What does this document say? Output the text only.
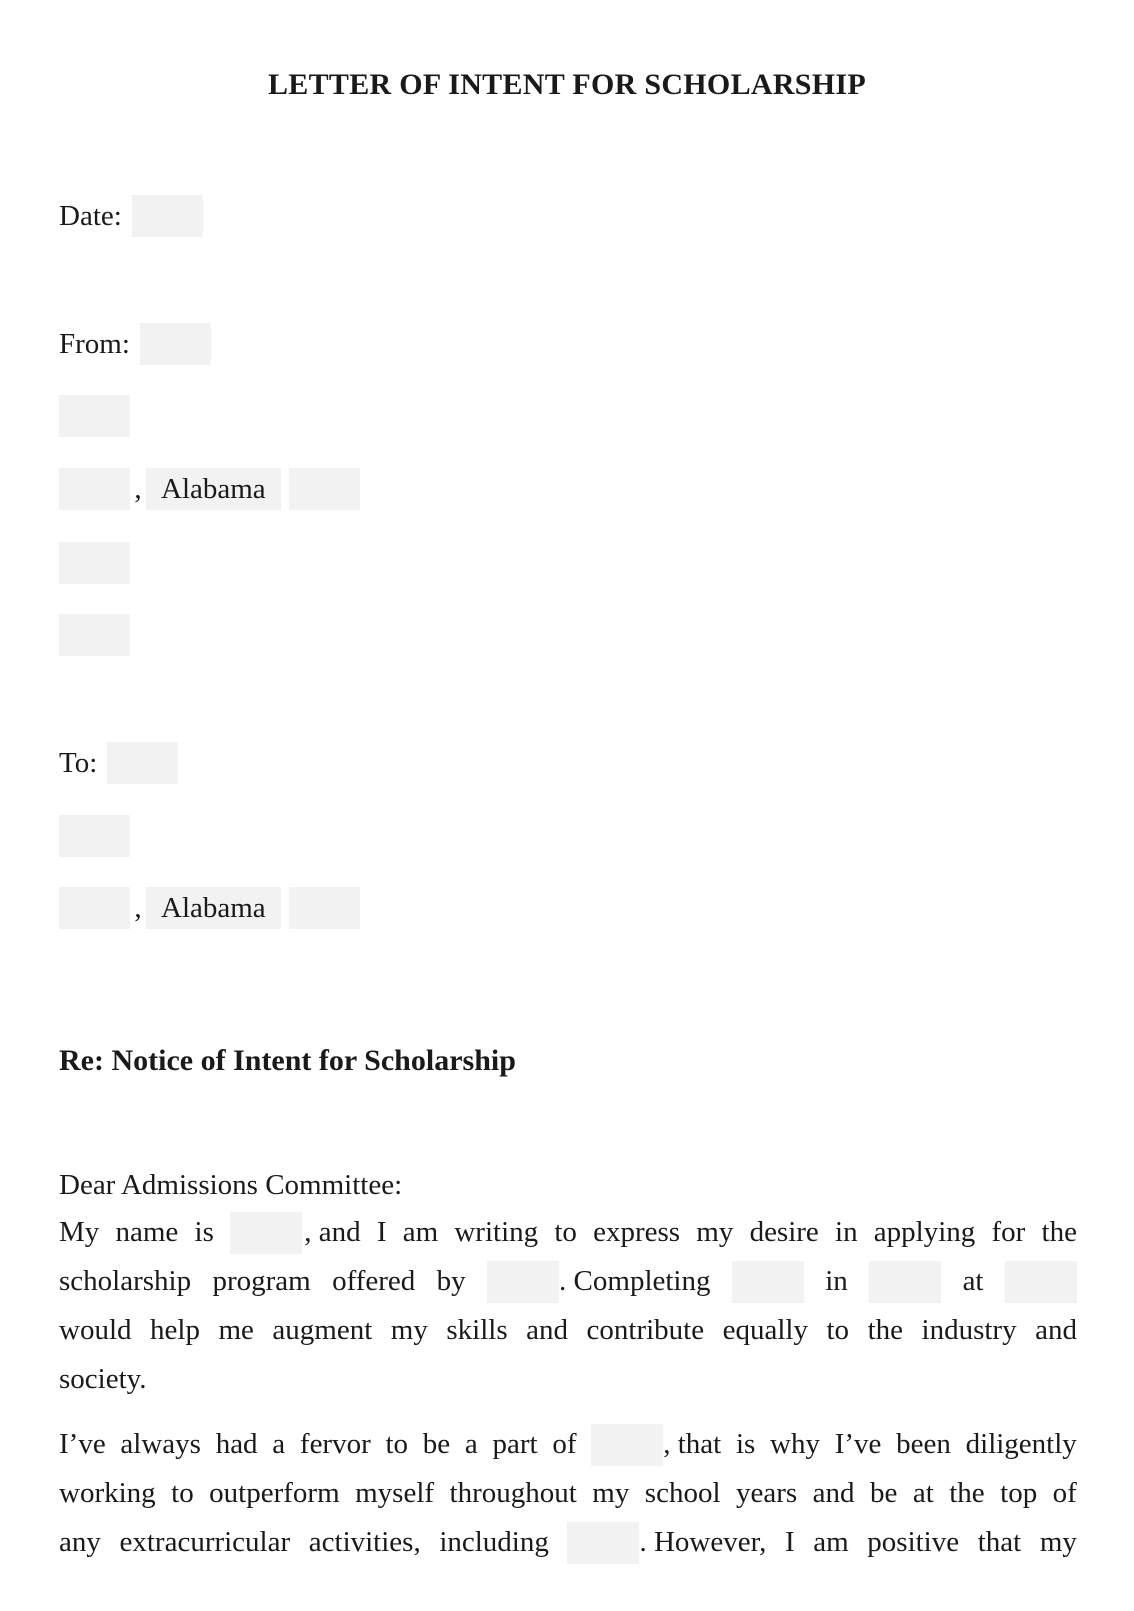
LETTER OF INTENT FOR SCHOLARSHIP
Date:
From:
, Alabama
To:
, Alabama
Re: Notice of Intent for Scholarship
Dear Admissions Committee:
My name is	, and I am writing to express my desire in applying for the
scholarship program offered by	. Completing	in	at
would help me augment my skills and contribute equally to the industry and
society.
I’ve always had a fervor to be a part of	, that is why I’ve been diligently
working to outperform myself throughout my school years and be at the top of
any extracurricular activities, including	. However, I am positive that my
